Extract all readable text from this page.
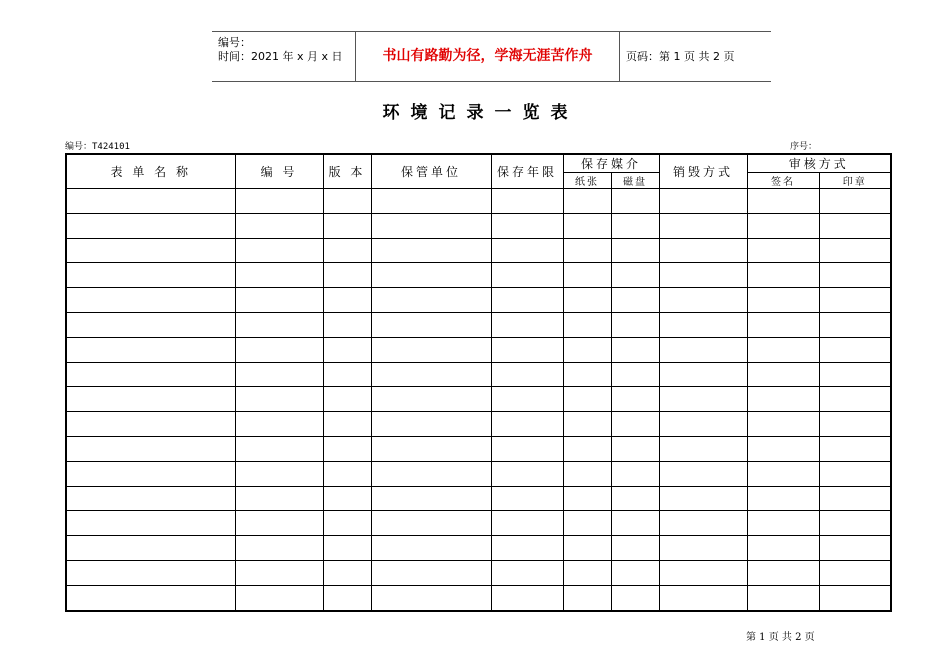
编号：
时间：2021 年 x 月 x 日	书山有路勤为径，学海无涯苦作舟	页码：第 1 页 共 2 页
环境记录一览表
编号：T424101	序号：
表 单 名 称	编 号	版 本	保管单位	保存年限	保存媒介		销毁方式	审核方式	
					纸张	磁盘		签名	印章

第 1 页 共 2 页
